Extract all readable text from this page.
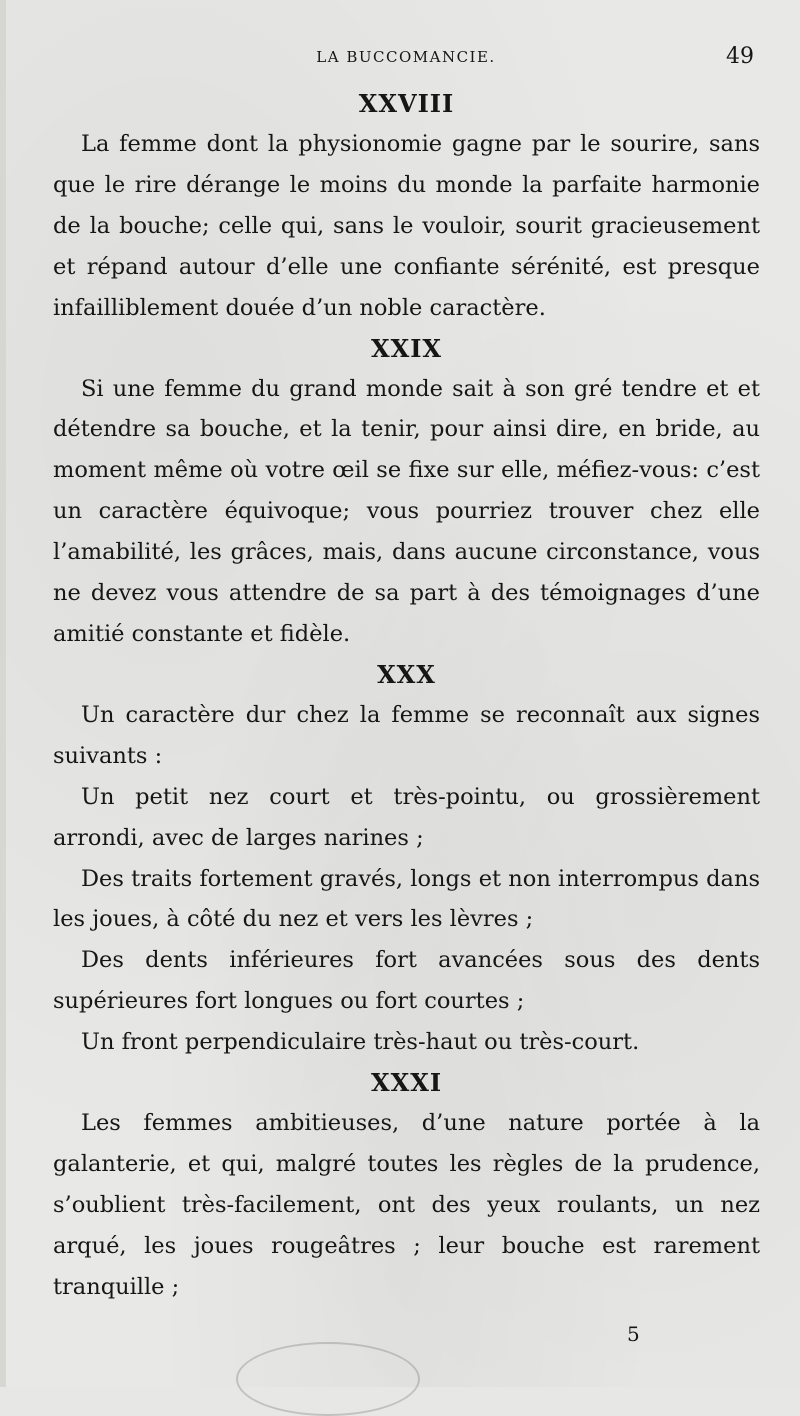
LA BUCCOMANCIE.	49
XXVIII

La femme dont la physionomie gagne par le sourire, sans que le rire dérange le moins du monde la parfaite harmonie de la bouche; celle qui, sans le vouloir, sourit gracieusement et répand autour d’elle une confiante sérénité, est presque infailliblement douée d’un noble caractère.

XXIX

Si une femme du grand monde sait à son gré tendre et et détendre sa bouche, et la tenir, pour ainsi dire, en bride, au moment même où votre œil se fixe sur elle, méfiez-vous: c’est un caractère équivoque; vous pourriez trouver chez elle l’amabilité, les grâces, mais, dans aucune circonstance, vous ne devez vous attendre de sa part à des témoignages d’une amitié constante et fidèle.

XXX

Un caractère dur chez la femme se reconnaît aux signes suivants :

Un petit nez court et très-pointu, ou grossièrement arrondi, avec de larges narines ;

Des traits fortement gravés, longs et non interrompus dans les joues, à côté du nez et vers les lèvres ;

Des dents inférieures fort avancées sous des dents supérieures fort longues ou fort courtes ;

Un front perpendiculaire très-haut ou très-court.

XXXI

Les femmes ambitieuses, d’une nature portée à la galanterie, et qui, malgré toutes les règles de la prudence, s’oublient très-facilement, ont des yeux roulants, un nez arqué, les joues rougeâtres ; leur bouche est rarement tranquille ;

5
